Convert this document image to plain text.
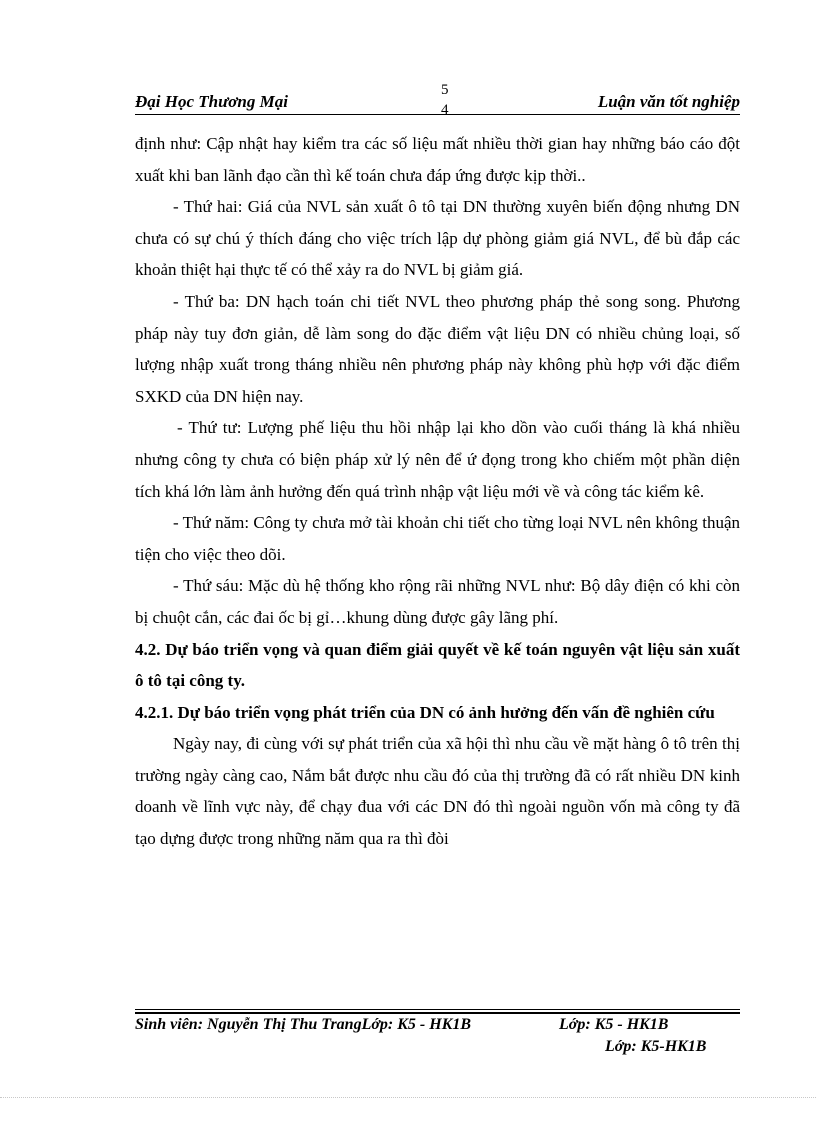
Đại Học Thương Mại
5
4	Luận văn tốt nghiệp

định như: Cập nhật hay kiểm tra các số liệu mất nhiều thời gian hay những báo cáo đột xuất khi ban lãnh đạo cần thì kế toán chưa đáp ứng được kịp thời..

- Thứ hai: Giá của NVL sản xuất ô tô tại DN thường xuyên biến động nhưng DN chưa có sự chú ý thích đáng cho việc trích lập dự phòng giảm giá NVL, để bù đắp các khoản thiệt hại thực tế có thể xảy ra do NVL bị giảm giá.

- Thứ ba: DN hạch toán chi tiết NVL theo phương pháp thẻ song song. Phương pháp này tuy đơn giản, dễ làm song do đặc điểm vật liệu DN có nhiều chủng loại, số lượng nhập xuất trong tháng nhiều nên phương pháp này không phù hợp với đặc điểm SXKD của DN hiện nay.

- Thứ tư: Lượng phế liệu thu hồi nhập lại kho dồn vào cuối tháng là khá nhiều nhưng công ty chưa có biện pháp xử lý nên để ứ đọng trong kho chiếm một phần diện tích khá lớn làm ảnh hưởng đến quá trình nhập vật liệu mới về và công tác kiểm kê.

- Thứ năm: Công ty chưa mở tài khoản chi tiết cho từng loại NVL nên không thuận tiện cho việc theo dõi.

- Thứ sáu: Mặc dù hệ thống kho rộng rãi những NVL như: Bộ dây điện có khi còn bị chuột cắn, các đai ốc bị gỉ…khung dùng được gây lãng phí.

4.2. Dự báo triển vọng và quan điểm giải quyết về kế toán nguyên vật liệu sản xuất ô tô tại công ty.

4.2.1. Dự báo triển vọng phát triển của DN có ảnh hưởng đến vấn đề nghiên cứu

Ngày nay, đi cùng với sự phát triển của xã hội thì nhu cầu về mặt hàng ô tô trên thị trường ngày càng cao, Nắm bắt được nhu cầu đó của thị trường đã có rất nhiều DN kinh doanh về lĩnh vực này, để chạy đua với các DN đó thì ngoài nguồn vốn mà công ty đã tạo dựng được trong những năm qua ra thì đòi

Sinh viên: Nguyễn Thị Thu TrangLớp: K5 - HK1B	Lớp: K5 - HK1B
Lớp: K5-HK1B
